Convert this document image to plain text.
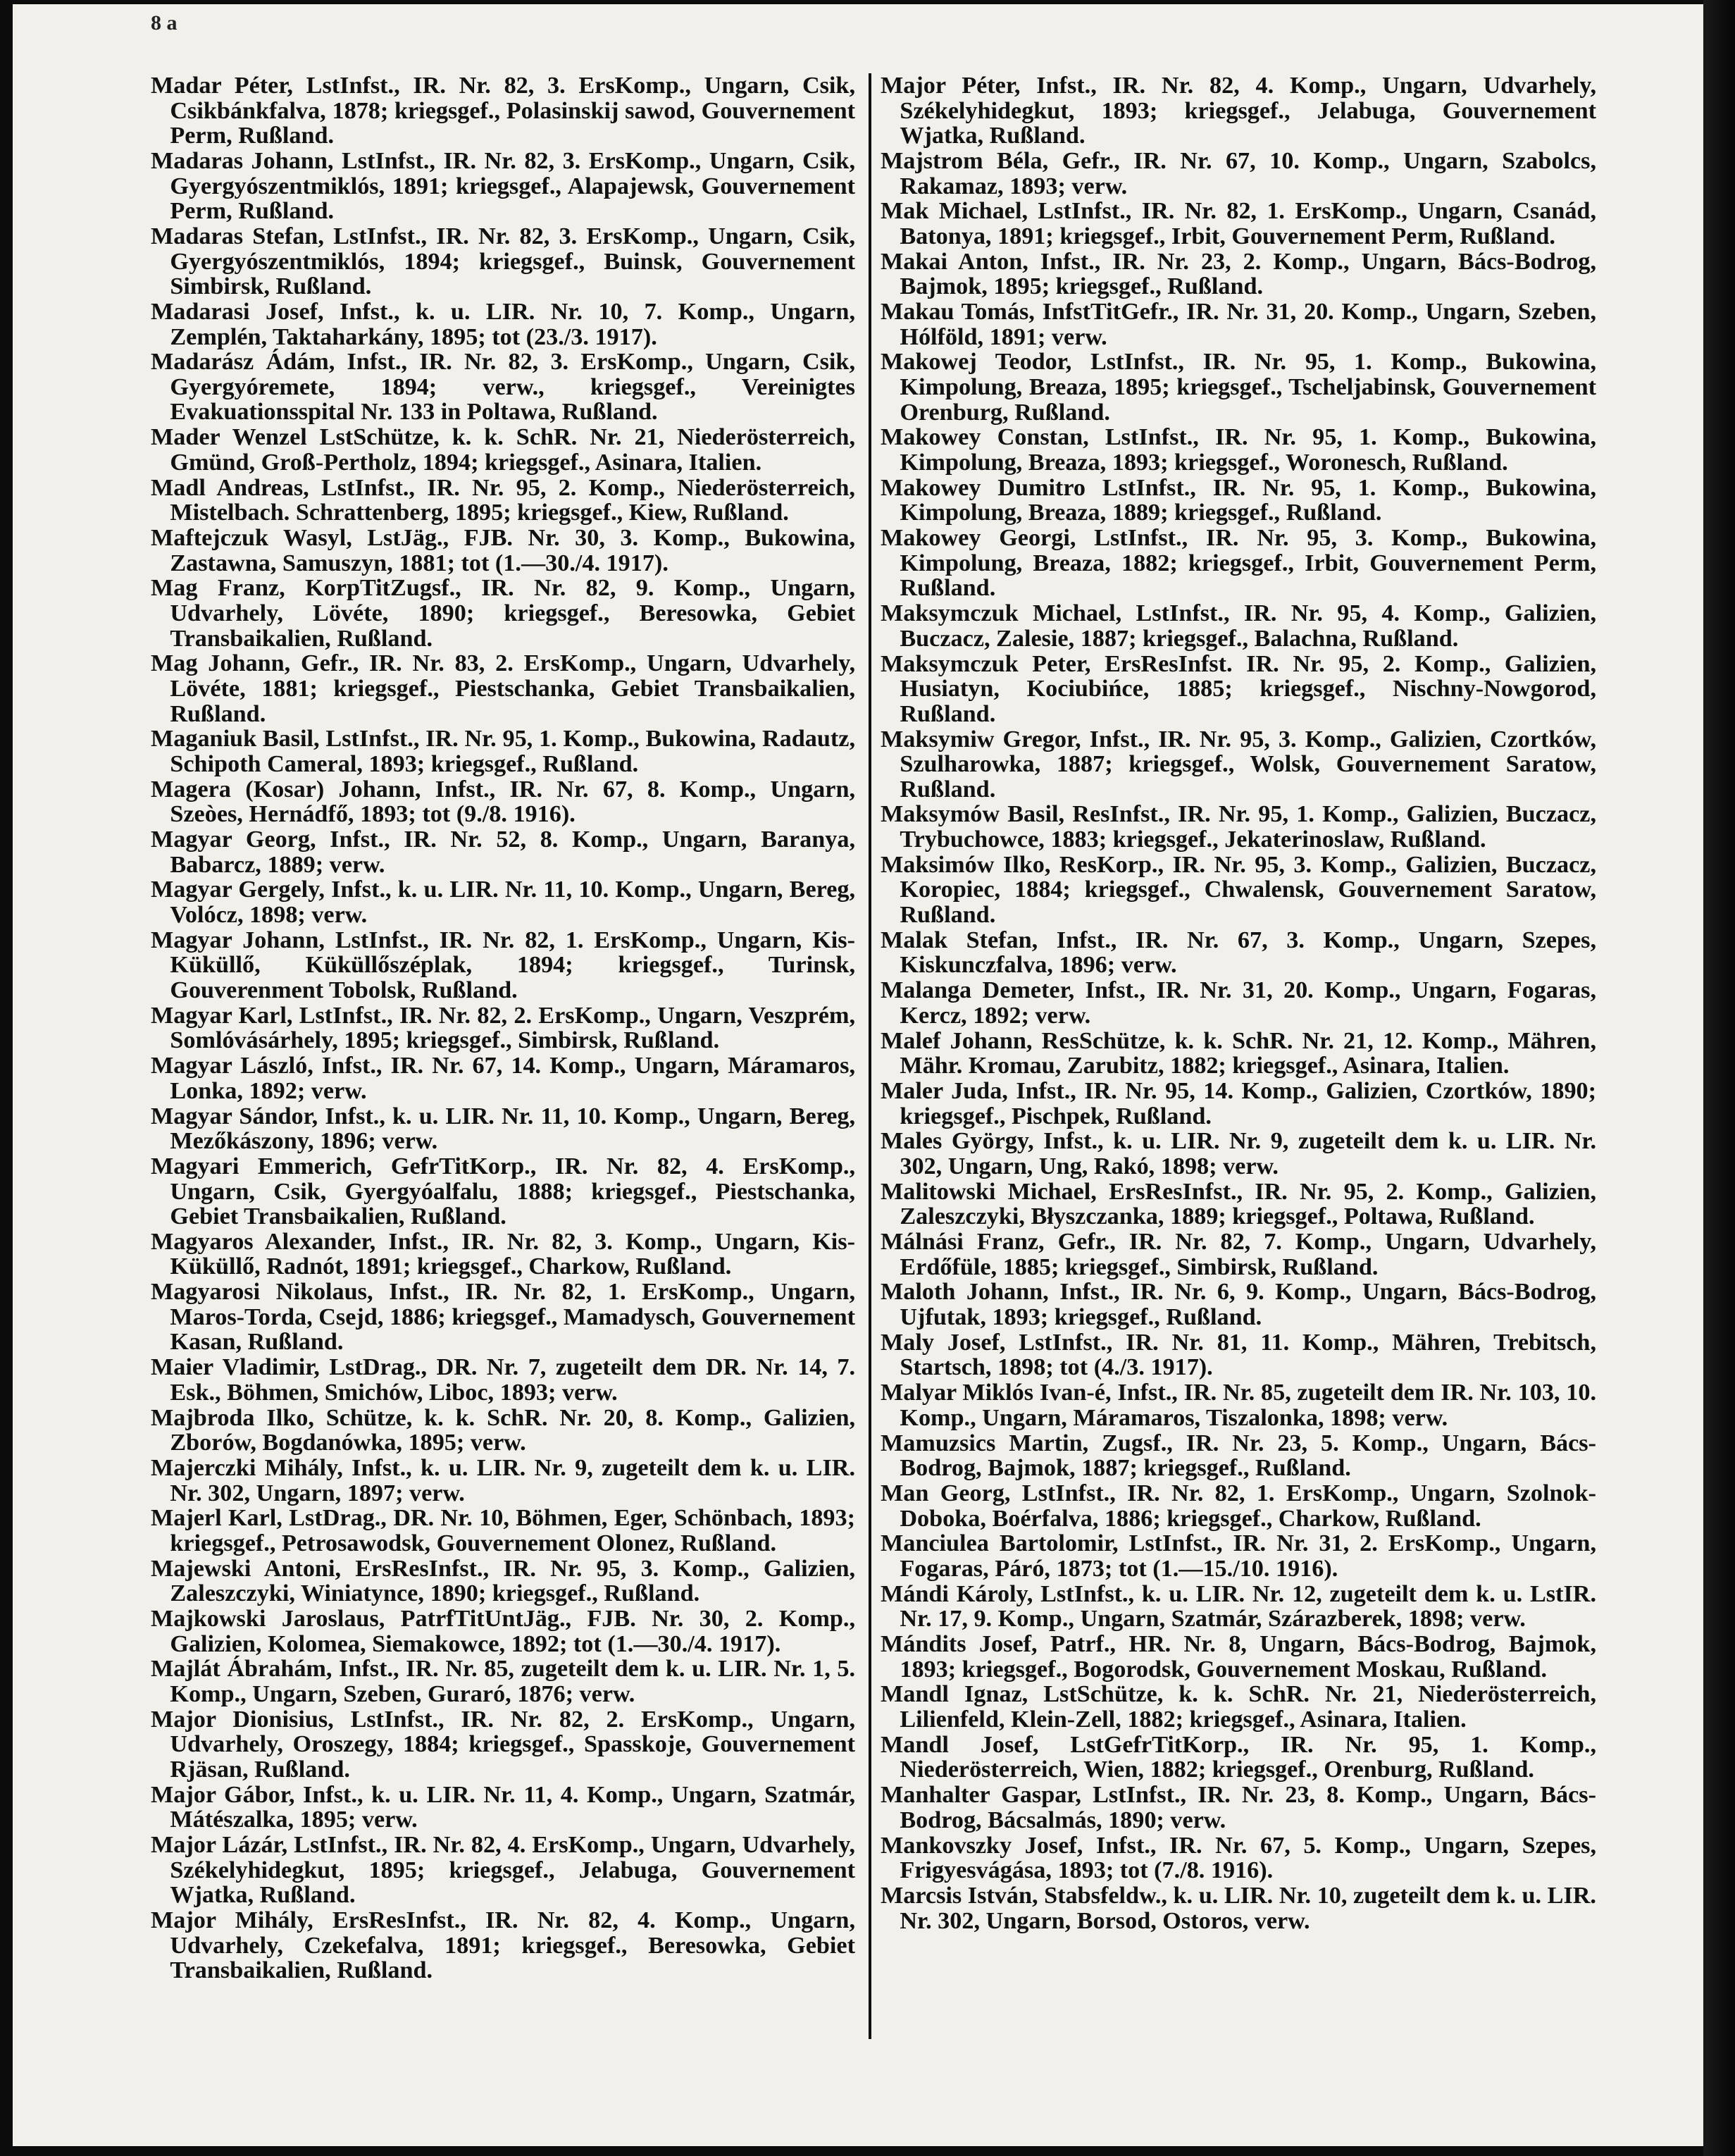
8 a
Madar Péter, LstInfst., IR. Nr. 82, 3. ErsKomp., Ungarn, Csik, Csikbánkfalva, 1878; kriegsgef., Polasinskij sawod, Gouvernement Perm, Rußland.
Madaras Johann, LstInfst., IR. Nr. 82, 3. ErsKomp., Ungarn, Csik, Gyergyószentmiklós, 1891; kriegsgef., Alapajewsk, Gouvernement Perm, Rußland.
Madaras Stefan, LstInfst., IR. Nr. 82, 3. ErsKomp., Ungarn, Csik, Gyergyószentmiklós, 1894; kriegsgef., Buinsk, Gouvernement Simbirsk, Rußland.
Madarasi Josef, Infst., k. u. LIR. Nr. 10, 7. Komp., Ungarn, Zemplén, Taktaharkány, 1895; tot (23./3. 1917).
Madarász Ádám, Infst., IR. Nr. 82, 3. ErsKomp., Ungarn, Csik, Gyergyóremete, 1894; verw., kriegsgef., Vereinigtes Evakuationsspital Nr. 133 in Poltawa, Rußland.
Mader Wenzel LstSchütze, k. k. SchR. Nr. 21, Niederösterreich, Gmünd, Groß-Pertholz, 1894; kriegsgef., Asinara, Italien.
Madl Andreas, LstInfst., IR. Nr. 95, 2. Komp., Niederösterreich, Mistelbach. Schrattenberg, 1895; kriegsgef., Kiew, Rußland.
Maftejczuk Wasyl, LstJäg., FJB. Nr. 30, 3. Komp., Bukowina, Zastawna, Samuszyn, 1881; tot (1.—30./4. 1917).
Mag Franz, KorpTitZugsf., IR. Nr. 82, 9. Komp., Ungarn, Udvarhely, Lövéte, 1890; kriegsgef., Beresowka, Gebiet Transbaikalien, Rußland.
Mag Johann, Gefr., IR. Nr. 83, 2. ErsKomp., Ungarn, Udvarhely, Lövéte, 1881; kriegsgef., Piestschanka, Gebiet Transbaikalien, Rußland.
Maganiuk Basil, LstInfst., IR. Nr. 95, 1. Komp., Bukowina, Radautz, Schipoth Cameral, 1893; kriegsgef., Rußland.
Magera (Kosar) Johann, Infst., IR. Nr. 67, 8. Komp., Ungarn, Szeòes, Hernádfő, 1893; tot (9./8. 1916).
Magyar Georg, Infst., IR. Nr. 52, 8. Komp., Ungarn, Baranya, Babarcz, 1889; verw.
Magyar Gergely, Infst., k. u. LIR. Nr. 11, 10. Komp., Ungarn, Bereg, Volócz, 1898; verw.
Magyar Johann, LstInfst., IR. Nr. 82, 1. ErsKomp., Ungarn, Kis-Küküllő, Küküllőszéplak, 1894; kriegsgef., Turinsk, Gouverenment Tobolsk, Rußland.
Magyar Karl, LstInfst., IR. Nr. 82, 2. ErsKomp., Ungarn, Veszprém, Somlóvásárhely, 1895; kriegsgef., Simbirsk, Rußland.
Magyar László, Infst., IR. Nr. 67, 14. Komp., Ungarn, Máramaros, Lonka, 1892; verw.
Magyar Sándor, Infst., k. u. LIR. Nr. 11, 10. Komp., Ungarn, Bereg, Mezőkászony, 1896; verw.
Magyari Emmerich, GefrTitKorp., IR. Nr. 82, 4. ErsKomp., Ungarn, Csik, Gyergyóalfalu, 1888; kriegsgef., Piestschanka, Gebiet Transbaikalien, Rußland.
Magyaros Alexander, Infst., IR. Nr. 82, 3. Komp., Ungarn, Kis-Küküllő, Radnót, 1891; kriegsgef., Charkow, Rußland.
Magyarosi Nikolaus, Infst., IR. Nr. 82, 1. ErsKomp., Ungarn, Maros-Torda, Csejd, 1886; kriegsgef., Mamadysch, Gouvernement Kasan, Rußland.
Maier Vladimir, LstDrag., DR. Nr. 7, zugeteilt dem DR. Nr. 14, 7. Esk., Böhmen, Smichów, Liboc, 1893; verw.
Majbroda Ilko, Schütze, k. k. SchR. Nr. 20, 8. Komp., Galizien, Zborów, Bogdanówka, 1895; verw.
Majerczki Mihály, Infst., k. u. LIR. Nr. 9, zugeteilt dem k. u. LIR. Nr. 302, Ungarn, 1897; verw.
Majerl Karl, LstDrag., DR. Nr. 10, Böhmen, Eger, Schönbach, 1893; kriegsgef., Petrosawodsk, Gouvernement Olonez, Rußland.
Majewski Antoni, ErsResInfst., IR. Nr. 95, 3. Komp., Galizien, Zaleszczyki, Winiatynce, 1890; kriegsgef., Rußland.
Majkowski Jaroslaus, PatrfTitUntJäg., FJB. Nr. 30, 2. Komp., Galizien, Kolomea, Siemakowce, 1892; tot (1.—30./4. 1917).
Majlát Ábrahám, Infst., IR. Nr. 85, zugeteilt dem k. u. LIR. Nr. 1, 5. Komp., Ungarn, Szeben, Guraró, 1876; verw.
Major Dionisius, LstInfst., IR. Nr. 82, 2. ErsKomp., Ungarn, Udvarhely, Oroszegy, 1884; kriegsgef., Spasskoje, Gouvernement Rjäsan, Rußland.
Major Gábor, Infst., k. u. LIR. Nr. 11, 4. Komp., Ungarn, Szatmár, Mátészalka, 1895; verw.
Major Lázár, LstInfst., IR. Nr. 82, 4. ErsKomp., Ungarn, Udvarhely, Székelyhidegkut, 1895; kriegsgef., Jelabuga, Gouvernement Wjatka, Rußland.
Major Mihály, ErsResInfst., IR. Nr. 82, 4. Komp., Ungarn, Udvarhely, Czekefalva, 1891; kriegsgef., Beresowka, Gebiet Transbaikalien, Rußland.
Major Péter, Infst., IR. Nr. 82, 4. Komp., Ungarn, Udvarhely, Székelyhidegkut, 1893; kriegsgef., Jelabuga, Gouvernement Wjatka, Rußland.
Majstrom Béla, Gefr., IR. Nr. 67, 10. Komp., Ungarn, Szabolcs, Rakamaz, 1893; verw.
Mak Michael, LstInfst., IR. Nr. 82, 1. ErsKomp., Ungarn, Csanád, Batonya, 1891; kriegsgef., Irbit, Gouvernement Perm, Rußland.
Makai Anton, Infst., IR. Nr. 23, 2. Komp., Ungarn, Bács-Bodrog, Bajmok, 1895; kriegsgef., Rußland.
Makau Tomás, InfstTitGefr., IR. Nr. 31, 20. Komp., Ungarn, Szeben, Hólföld, 1891; verw.
Makowej Teodor, LstInfst., IR. Nr. 95, 1. Komp., Bukowina, Kimpolung, Breaza, 1895; kriegsgef., Tscheljabinsk, Gouvernement Orenburg, Rußland.
Makowey Constan, LstInfst., IR. Nr. 95, 1. Komp., Bukowina, Kimpolung, Breaza, 1893; kriegsgef., Woronesch, Rußland.
Makowey Dumitro LstInfst., IR. Nr. 95, 1. Komp., Bukowina, Kimpolung, Breaza, 1889; kriegsgef., Rußland.
Makowey Georgi, LstInfst., IR. Nr. 95, 3. Komp., Bukowina, Kimpolung, Breaza, 1882; kriegsgef., Irbit, Gouvernement Perm, Rußland.
Maksymczuk Michael, LstInfst., IR. Nr. 95, 4. Komp., Galizien, Buczacz, Zalesie, 1887; kriegsgef., Balachna, Rußland.
Maksymczuk Peter, ErsResInfst. IR. Nr. 95, 2. Komp., Galizien, Husiatyn, Kociubińce, 1885; kriegsgef., Nischny-Nowgorod, Rußland.
Maksymiw Gregor, Infst., IR. Nr. 95, 3. Komp., Galizien, Czortków, Szulharowka, 1887; kriegsgef., Wolsk, Gouvernement Saratow, Rußland.
Maksymów Basil, ResInfst., IR. Nr. 95, 1. Komp., Galizien, Buczacz, Trybuchowce, 1883; kriegsgef., Jekaterinoslaw, Rußland.
Maksimów Ilko, ResKorp., IR. Nr. 95, 3. Komp., Galizien, Buczacz, Koropiec, 1884; kriegsgef., Chwalensk, Gouvernement Saratow, Rußland.
Malak Stefan, Infst., IR. Nr. 67, 3. Komp., Ungarn, Szepes, Kiskunczfalva, 1896; verw.
Malanga Demeter, Infst., IR. Nr. 31, 20. Komp., Ungarn, Fogaras, Kercz, 1892; verw.
Malef Johann, ResSchütze, k. k. SchR. Nr. 21, 12. Komp., Mähren, Mähr. Kromau, Zarubitz, 1882; kriegsgef., Asinara, Italien.
Maler Juda, Infst., IR. Nr. 95, 14. Komp., Galizien, Czortków, 1890; kriegsgef., Pischpek, Rußland.
Males György, Infst., k. u. LIR. Nr. 9, zugeteilt dem k. u. LIR. Nr. 302, Ungarn, Ung, Rakó, 1898; verw.
Malitowski Michael, ErsResInfst., IR. Nr. 95, 2. Komp., Galizien, Zaleszczyki, Błyszczanka, 1889; kriegsgef., Poltawa, Rußland.
Málnási Franz, Gefr., IR. Nr. 82, 7. Komp., Ungarn, Udvarhely, Erdőfüle, 1885; kriegsgef., Simbirsk, Rußland.
Maloth Johann, Infst., IR. Nr. 6, 9. Komp., Ungarn, Bács-Bodrog, Ujfutak, 1893; kriegsgef., Rußland.
Maly Josef, LstInfst., IR. Nr. 81, 11. Komp., Mähren, Trebitsch, Startsch, 1898; tot (4./3. 1917).
Malyar Miklós Ivan-é, Infst., IR. Nr. 85, zugeteilt dem IR. Nr. 103, 10. Komp., Ungarn, Máramaros, Tiszalonka, 1898; verw.
Mamuzsics Martin, Zugsf., IR. Nr. 23, 5. Komp., Ungarn, Bács-Bodrog, Bajmok, 1887; kriegsgef., Rußland.
Man Georg, LstInfst., IR. Nr. 82, 1. ErsKomp., Ungarn, Szolnok-Doboka, Boérfalva, 1886; kriegsgef., Charkow, Rußland.
Manciulea Bartolomir, LstInfst., IR. Nr. 31, 2. ErsKomp., Ungarn, Fogaras, Páró, 1873; tot (1.—15./10. 1916).
Mándi Károly, LstInfst., k. u. LIR. Nr. 12, zugeteilt dem k. u. LstIR. Nr. 17, 9. Komp., Ungarn, Szatmár, Szárazberek, 1898; verw.
Mándits Josef, Patrf., HR. Nr. 8, Ungarn, Bács-Bodrog, Bajmok, 1893; kriegsgef., Bogorodsk, Gouvernement Moskau, Rußland.
Mandl Ignaz, LstSchütze, k. k. SchR. Nr. 21, Niederösterreich, Lilienfeld, Klein-Zell, 1882; kriegsgef., Asinara, Italien.
Mandl Josef, LstGefrTitKorp., IR. Nr. 95, 1. Komp., Niederösterreich, Wien, 1882; kriegsgef., Orenburg, Rußland.
Manhalter Gaspar, LstInfst., IR. Nr. 23, 8. Komp., Ungarn, Bács-Bodrog, Bácsalmás, 1890; verw.
Mankovszky Josef, Infst., IR. Nr. 67, 5. Komp., Ungarn, Szepes, Frigyesvágása, 1893; tot (7./8. 1916).
Marcsis István, Stabsfeldw., k. u. LIR. Nr. 10, zugeteilt dem k. u. LIR. Nr. 302, Ungarn, Borsod, Ostoros, verw.
